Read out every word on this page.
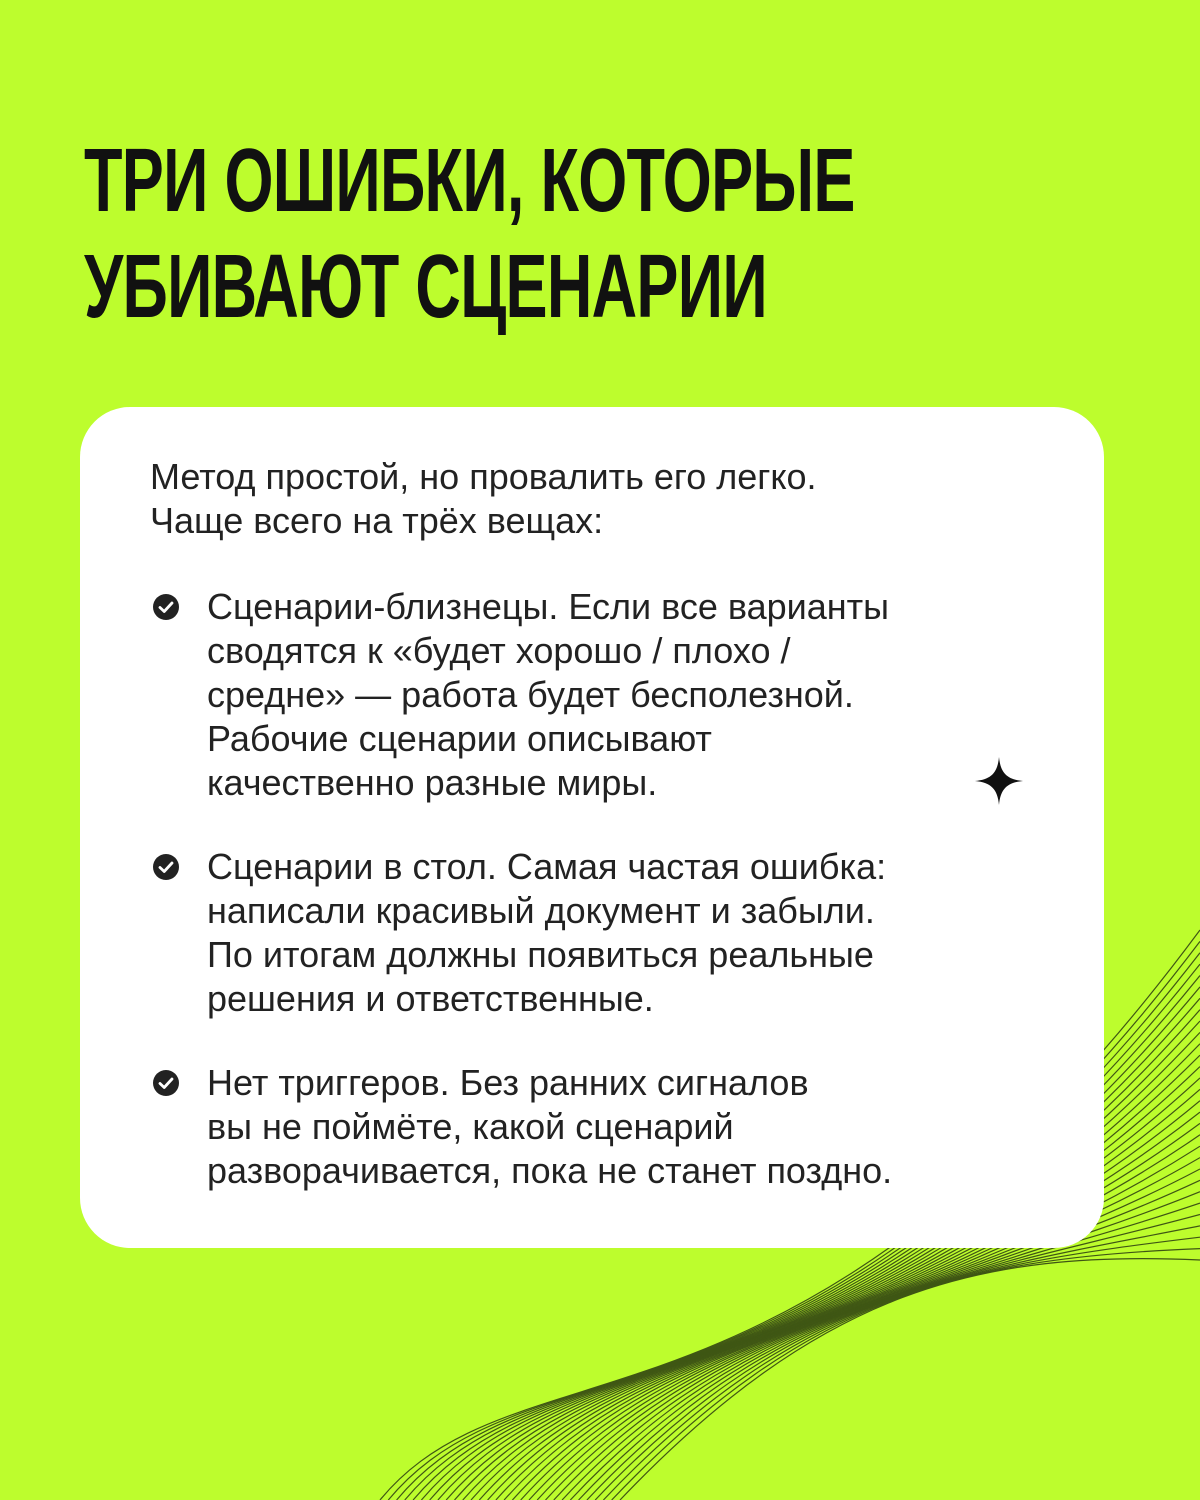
ТРИ ОШИБКИ, КОТОРЫЕ
УБИВАЮТ СЦЕНАРИИ

Метод простой, но провалить его легко.
Чаще всего на трёх вещах:

Сценарии-близнецы. Если все варианты
сводятся к «будет хорошо / плохо /
средне» — работа будет бесполезной.
Рабочие сценарии описывают
качественно разные миры.
Сценарии в стол. Самая частая ошибка:
написали красивый документ и забыли.
По итогам должны появиться реальные
решения и ответственные.
Нет триггеров. Без ранних сигналов
вы не поймёте, какой сценарий
разворачивается, пока не станет поздно.
